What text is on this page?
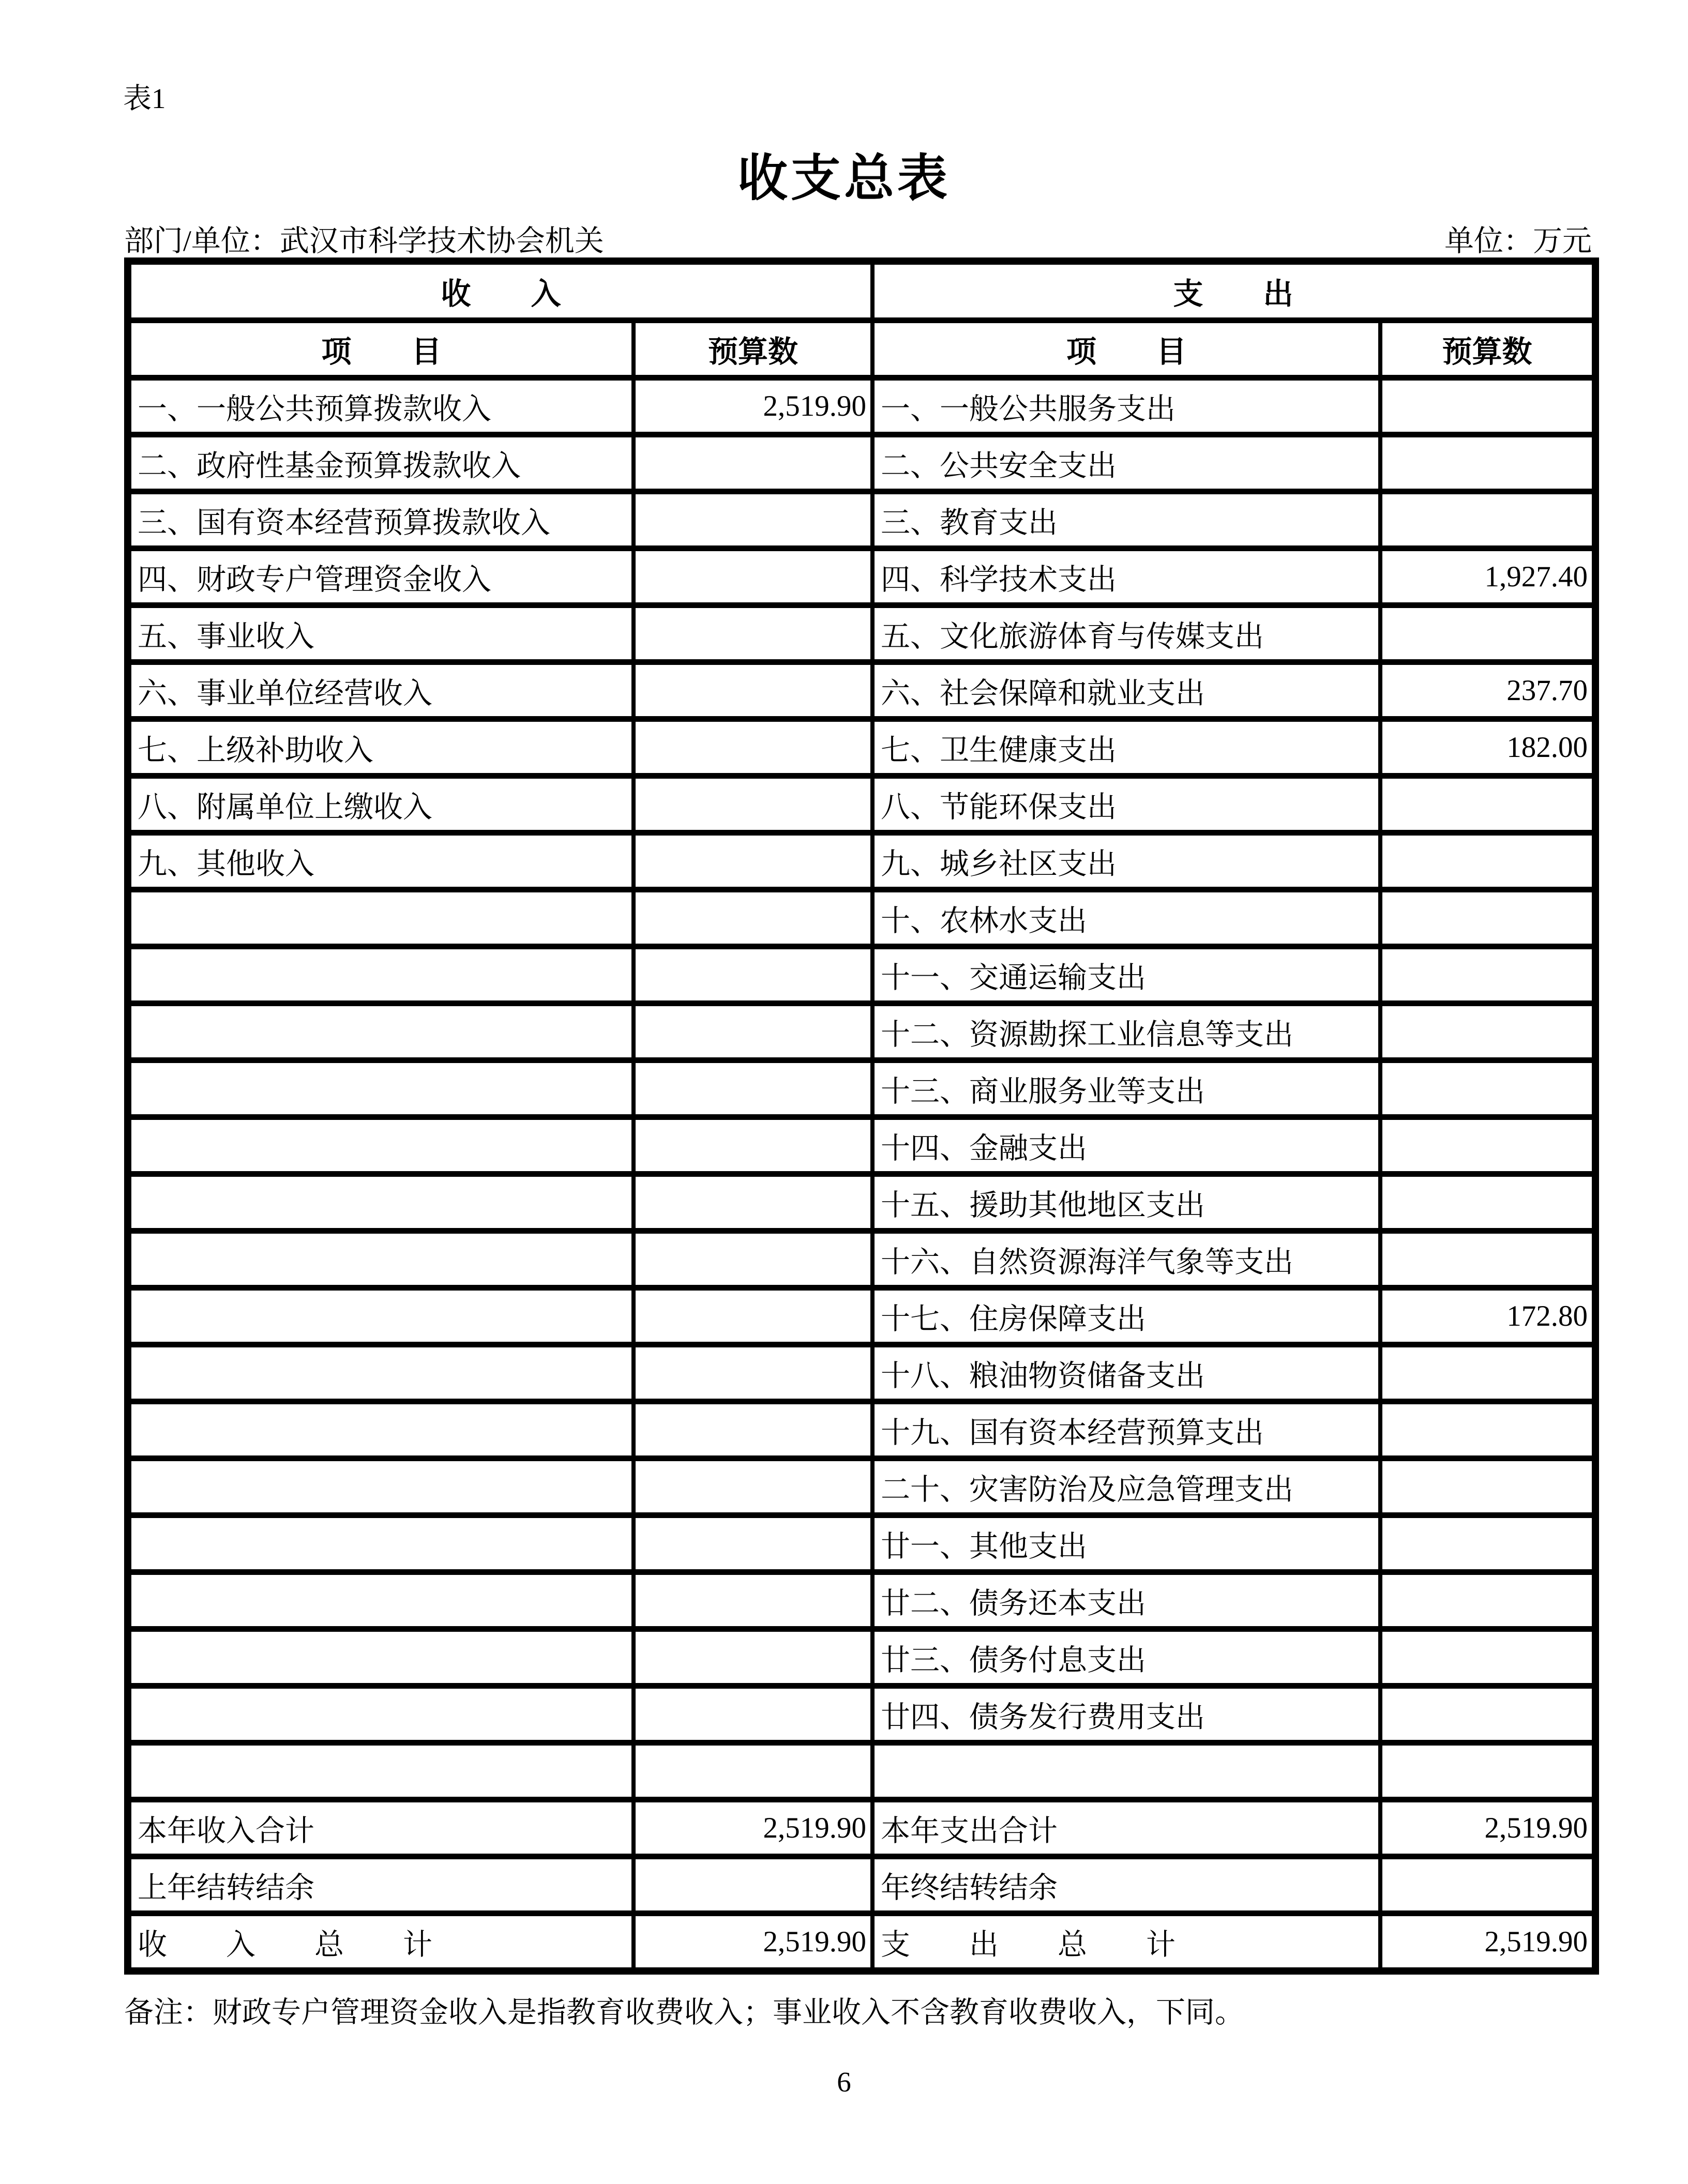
表1
收支总表
部门/单位：武汉市科学技术协会机关	单位：万元
收　　入		支　　出	
项　　目	预算数	项　　目	预算数
一、一般公共预算拨款收入	2,519.90	一、一般公共服务支出	
二、政府性基金预算拨款收入		二、公共安全支出	
三、国有资本经营预算拨款收入		三、教育支出	
四、财政专户管理资金收入		四、科学技术支出	1,927.40
五、事业收入		五、文化旅游体育与传媒支出	
六、事业单位经营收入		六、社会保障和就业支出	237.70
七、上级补助收入		七、卫生健康支出	182.00
八、附属单位上缴收入		八、节能环保支出	
九、其他收入		九、城乡社区支出	
		十、农林水支出	
		十一、交通运输支出	
		十二、资源勘探工业信息等支出	
		十三、商业服务业等支出	
		十四、金融支出	
		十五、援助其他地区支出	
		十六、自然资源海洋气象等支出	
		十七、住房保障支出	172.80
		十八、粮油物资储备支出	
		十九、国有资本经营预算支出	
		二十、灾害防治及应急管理支出	
		廿一、其他支出	
		廿二、债务还本支出	
		廿三、债务付息支出	
		廿四、债务发行费用支出	

本年收入合计	2,519.90	本年支出合计	2,519.90
上年结转结余		年终结转结余	
收　　入　　总　　计	2,519.90	支　　出　　总　　计	2,519.90
备注：财政专户管理资金收入是指教育收费收入；事业收入不含教育收费收入，下同。
6
